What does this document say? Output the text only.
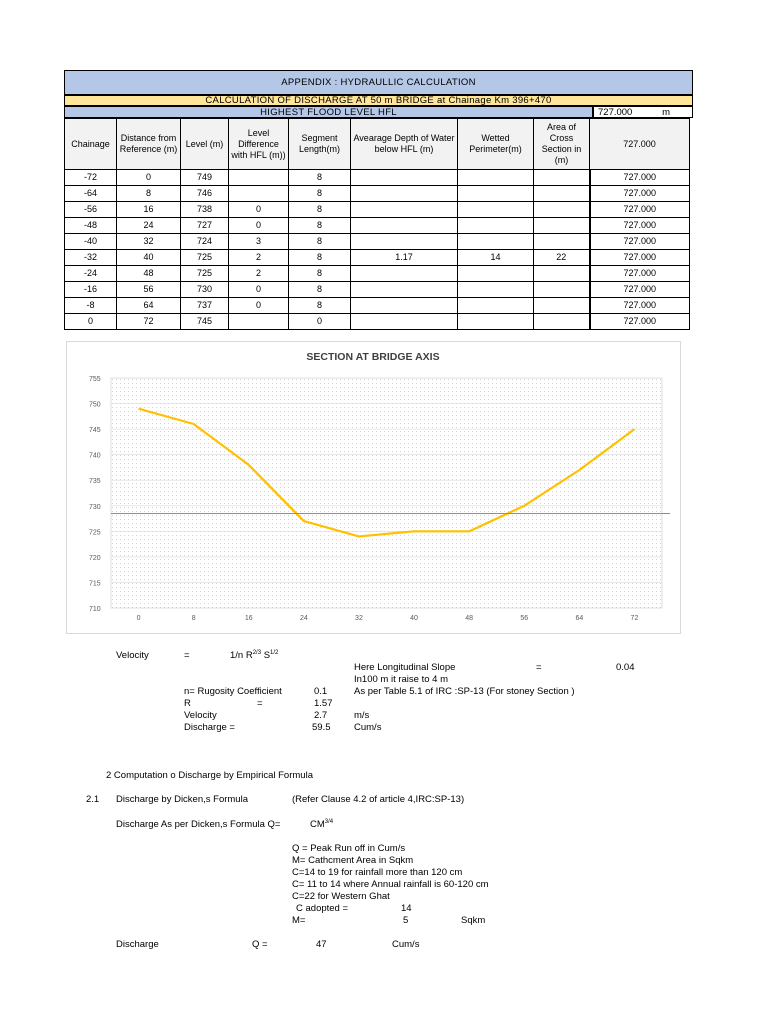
APPENDIX : HYDRAULLIC CALCULATION
CALCULATION OF DISCHARGE AT 50 m BRIDGE at Chainage Km 396+470
HIGHEST FLOOD LEVEL HFL	727.000	m
Chainage	Distance from Reference (m)	Level (m)	Level Difference with HFL (m))	Segment Length(m)	Avearage Depth of Water below HFL (m)	Wetted Perimeter(m)	Area of Cross Section in (m)	727.000
-72	0	749		8				727.000
-64	8	746		8				727.000
-56	16	738	0	8				727.000
-48	24	727	0	8				727.000
-40	32	724	3	8				727.000
-32	40	725	2	8	1.17	14	22	727.000
-24	48	725	2	8				727.000
-16	56	730	0	8				727.000
-8	64	737	0	8				727.000
0	72	745		0				727.000
SECTION AT BRIDGE AXIS
755
750
745
740
735
730
725
720
715
710
0	8	16	24	32	40	48	56	64	72
Velocity	=	1/n $R^{2/3}$ $S^{1/2}$
Here Longitudinal Slope	=	0.04
In100 m it raise to 4 m
n= Rugosity Coefficient	0.1	As per Table 5.1 of IRC :SP-13 (For stoney Section )
R	=	1.57
Velocity	2.7	m/s
Discharge =	59.5 Cum/s
2 Computation o Discharge by Empirical Formula
2.1 Discharge by Dicken,s Formula	(Refer Clause 4.2 of article 4,IRC:SP-13)
Discharge As per Dicken,s Formula Q=	$CM^{3/4}$
Q = Peak Run off in Cum/s
M= Cathcment Area in Sqkm
C=14 to 19 for rainfall more than 120 cm
C= 11 to 14 where Annual rainfall is 60-120 cm
C=22 for Western Ghat
C adopted =	14
M=	5	Sqkm
Discharge	Q =	47	Cum/s
